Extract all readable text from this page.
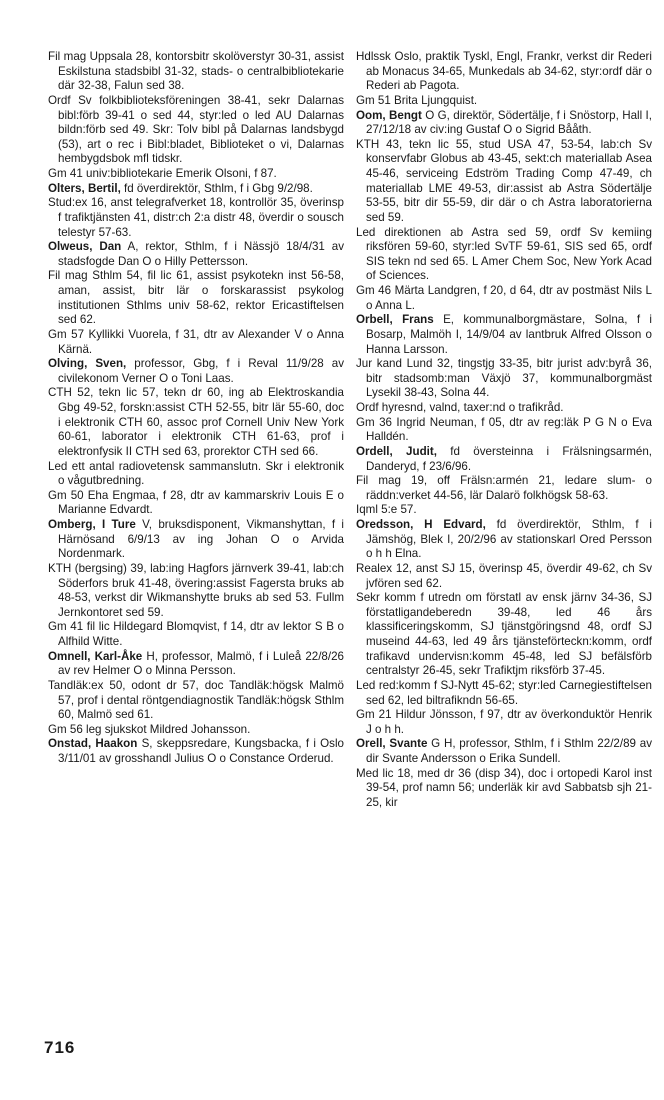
Fil mag Uppsala 28, kontorsbitr skolöverstyr 30-31, assist Eskilstuna stadsbibl 31-32, stads- o centralbibliotekarie där 32-38, Falun sed 38.

Ordf Sv folkbiblioteksföreningen 38-41, sekr Dalarnas bibl:förb 39-41 o sed 44, styr:led o led AU Dalarnas bildn:förb sed 49. Skr: Tolv bibl på Dalarnas landsbygd (53), art o rec i Bibl:bladet, Biblioteket o vi, Dalarnas hembygdsbok mfl tidskr.

Gm 41 univ:bibliotekarie Emerik Olsoni, f 87.

Olters, Bertil, fd överdirektör, Sthlm, f i Gbg 9/2/98.

Stud:ex 16, anst telegrafverket 18, kontrollör 35, överinsp f trafiktjänsten 41, distr:ch 2:a distr 48, överdir o sousch telestyr 57-63.

Olweus, Dan A, rektor, Sthlm, f i Nässjö 18/4/31 av stadsfogde Dan O o Hilly Pettersson.

Fil mag Sthlm 54, fil lic 61, assist psykotekn inst 56-58, aman, assist, bitr lär o forskarassist psykolog institutionen Sthlms univ 58-62, rektor Ericastiftelsen sed 62.

Gm 57 Kyllikki Vuorela, f 31, dtr av Alexander V o Anna Kärnä.

Olving, Sven, professor, Gbg, f i Reval 11/9/28 av civilekonom Verner O o Toni Laas.

CTH 52, tekn lic 57, tekn dr 60, ing ab Elektroskandia Gbg 49-52, forskn:assist CTH 52-55, bitr lär 55-60, doc i elektronik CTH 60, assoc prof Cornell Univ New York 60-61, laborator i elektronik CTH 61-63, prof i elektronfysik II CTH sed 63, prorektor CTH sed 66.

Led ett antal radiovetensk sammanslutn. Skr i elektronik o vågutbredning.

Gm 50 Eha Engmaa, f 28, dtr av kammarskriv Louis E o Marianne Edvardt.

Omberg, I Ture V, bruksdisponent, Vikmanshyttan, f i Härnösand 6/9/13 av ing Johan O o Arvida Nordenmark.

KTH (bergsing) 39, lab:ing Hagfors järnverk 39-41, lab:ch Söderfors bruk 41-48, övering:assist Fagersta bruks ab 48-53, verkst dir Wikmanshytte bruks ab sed 53. Fullm Jernkontoret sed 59.

Gm 41 fil lic Hildegard Blomqvist, f 14, dtr av lektor S B o Alfhild Witte.

Omnell, Karl-Åke H, professor, Malmö, f i Luleå 22/8/26 av rev Helmer O o Minna Persson.

Tandläk:ex 50, odont dr 57, doc Tandläk:högsk Malmö 57, prof i dental röntgendiagnostik Tandläk:högsk Sthlm 60, Malmö sed 61.

Gm 56 leg sjukskot Mildred Johansson.

Onstad, Haakon S, skeppsredare, Kungsbacka, f i Oslo 3/11/01 av grosshandl Julius O o Constance Orderud.

Hdlssk Oslo, praktik Tyskl, Engl, Frankr, verkst dir Rederi ab Monacus 34-65, Munkedals ab 34-62, styr:ordf där o Rederi ab Pagota.

Gm 51 Brita Ljungquist.

Oom, Bengt O G, direktör, Södertälje, f i Snöstorp, Hall I, 27/12/18 av civ:ing Gustaf O o Sigrid Bååth.

KTH 43, tekn lic 55, stud USA 47, 53-54, lab:ch Sv konservfabr Globus ab 43-45, sekt:ch materiallab Asea 45-46, serviceing Edström Trading Comp 47-49, ch materiallab LME 49-53, dir:assist ab Astra Södertälje 53-55, bitr dir 55-59, dir där o ch Astra laboratorierna sed 59.

Led direktionen ab Astra sed 59, ordf Sv kemiing riksfören 59-60, styr:led SvTF 59-61, SIS sed 65, ordf SIS tekn nd sed 65. L Amer Chem Soc, New York Acad of Sciences.

Gm 46 Märta Landgren, f 20, d 64, dtr av postmäst Nils L o Anna L.

Orbell, Frans E, kommunalborgmästare, Solna, f i Bosarp, Malmöh I, 14/9/04 av lantbruk Alfred Olsson o Hanna Larsson.

Jur kand Lund 32, tingstjg 33-35, bitr jurist adv:byrå 36, bitr stadsomb:man Växjö 37, kommunalborgmäst Lysekil 38-43, Solna 44.

Ordf hyresnd, valnd, taxer:nd o trafikråd.

Gm 36 Ingrid Neuman, f 05, dtr av reg:läk P G N o Eva Halldén.

Ordell, Judit, fd översteinna i Frälsningsarmén, Danderyd, f 23/6/96.

Fil mag 19, off Frälsn:armén 21, ledare slum- o räddn:verket 44-56, lär Dalarö folkhögsk 58-63.

Iqml 5:e 57.

Oredsson, H Edvard, fd överdirektör, Sthlm, f i Jämshög, Blek I, 20/2/96 av stationskarl Ored Persson o h h Elna.

Realex 12, anst SJ 15, överinsp 45, överdir 49-62, ch Sv jvfören sed 62.

Sekr komm f utredn om förstatl av ensk järnv 34-36, SJ förstatligandeberedn 39-48, led 46 års klassificeringskomm, SJ tjänstgöringsnd 48, ordf SJ museind 44-63, led 49 års tjänsteförteckn:komm, ordf trafikavd undervisn:komm 45-48, led SJ befälsförb centralstyr 26-45, sekr Trafiktjm riksförb 37-45.

Led red:komm f SJ-Nytt 45-62; styr:led Carnegiestiftelsen sed 62, led biltrafikndn 56-65.

Gm 21 Hildur Jönsson, f 97, dtr av överkonduktör Henrik J o h h.

Orell, Svante G H, professor, Sthlm, f i Sthlm 22/2/89 av dir Svante Andersson o Erika Sundell.

Med lic 18, med dr 36 (disp 34), doc i ortopedi Karol inst 39-54, prof namn 56; underläk kir avd Sabbatsb sjh 21-25, kir

716
